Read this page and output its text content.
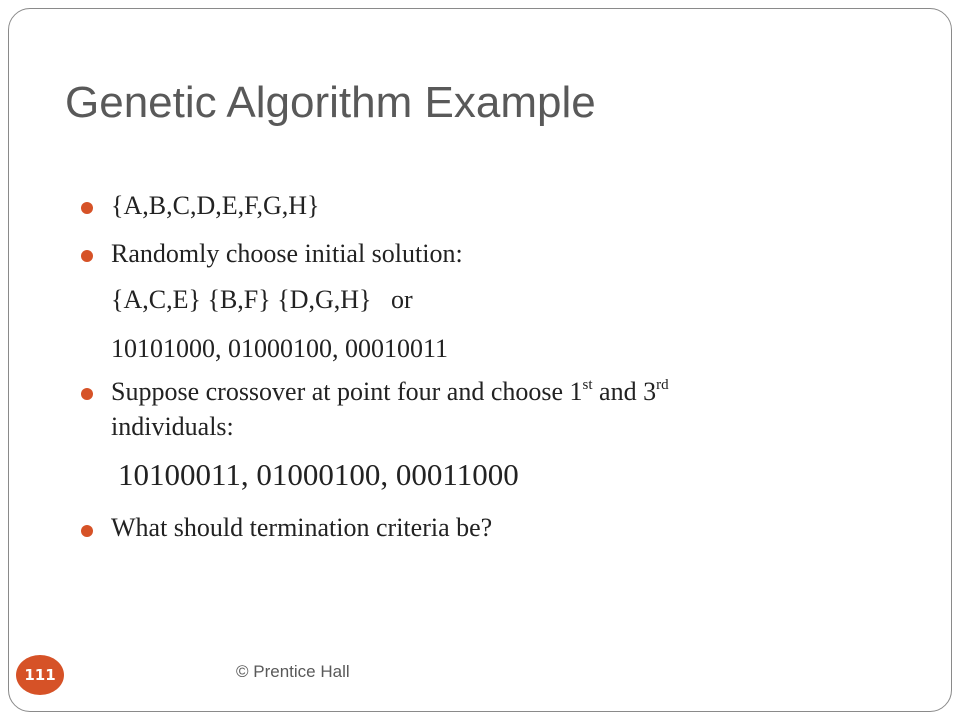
Genetic Algorithm Example
{A,B,C,D,E,F,G,H}
Randomly choose initial solution:
{A,C,E} {B,F} {D,G,H}   or
10101000, 01000100, 00010011
Suppose crossover at point four and choose 1st and 3rd
individuals:
10100011, 01000100, 00011000
What should termination criteria be?
111	© Prentice Hall
